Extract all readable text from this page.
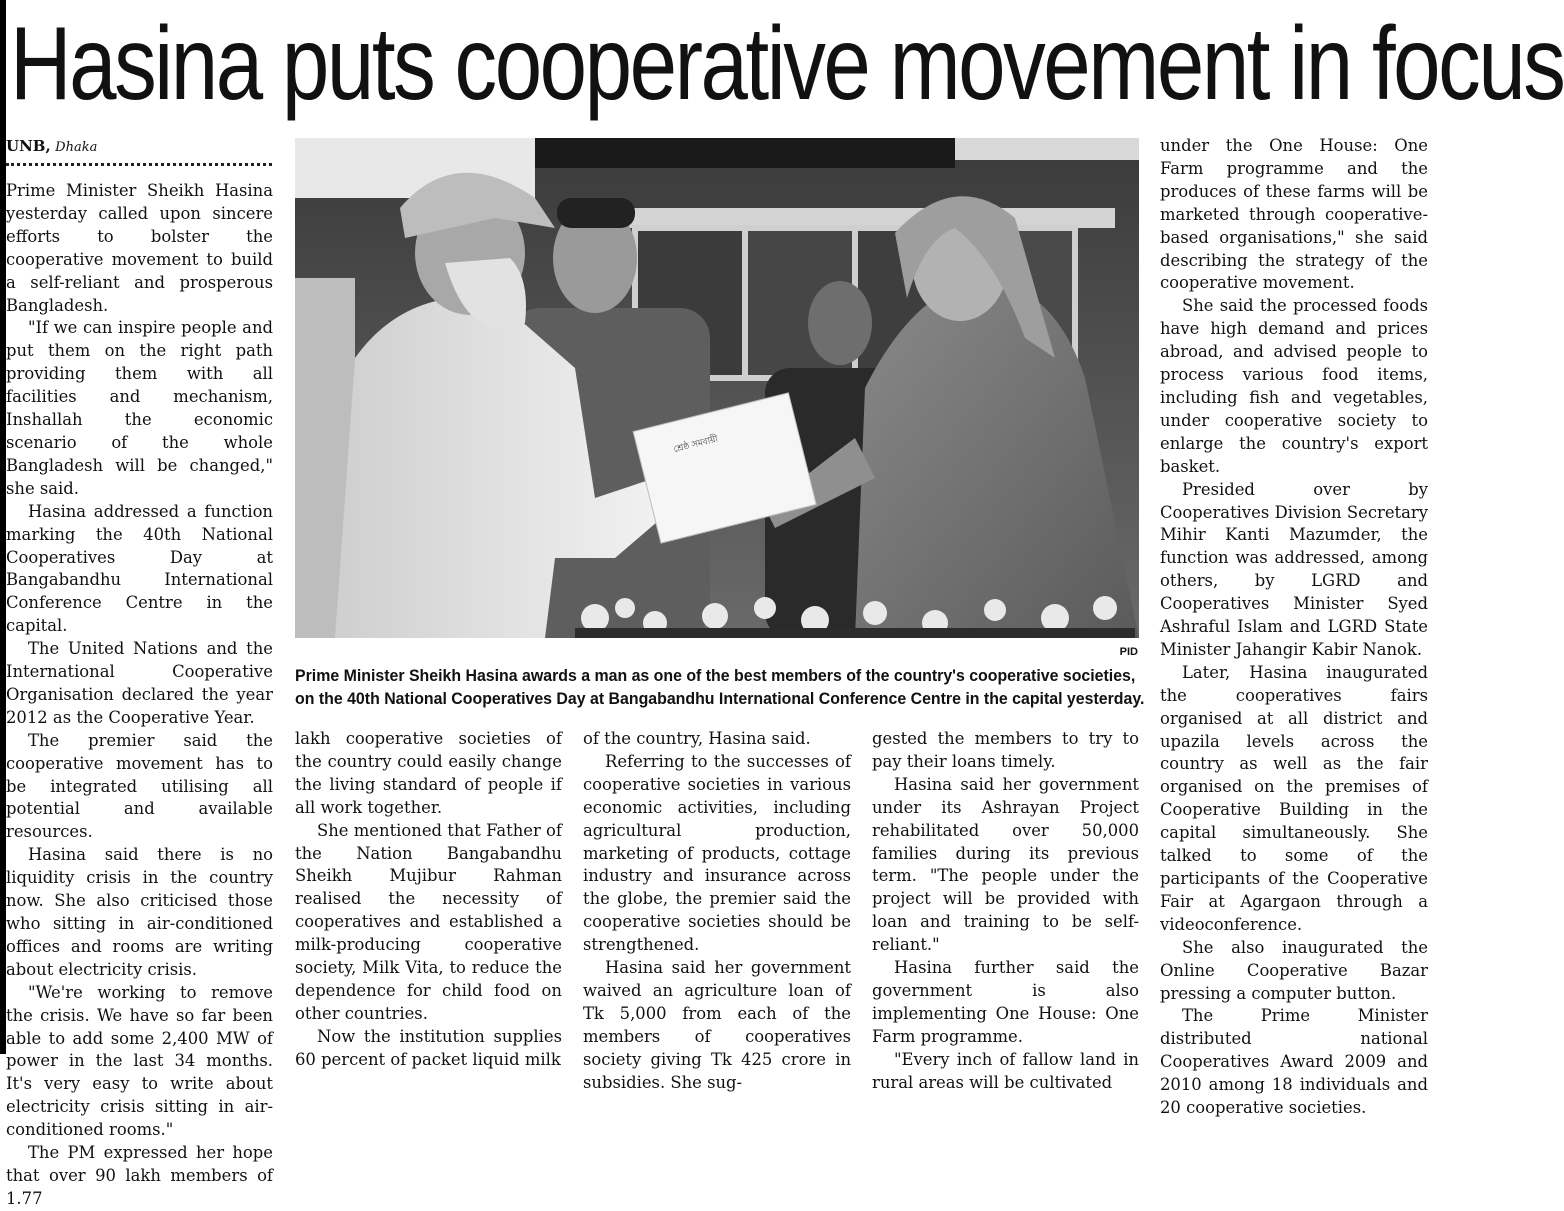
Hasina puts cooperative movement in focus
UNB, Dhaka

Prime Minister Sheikh Hasina yesterday called upon sincere efforts to bolster the cooperative movement to build a self-reliant and prosperous Bangladesh.

"If we can inspire people and put them on the right path providing them with all facilities and mechanism, Inshallah the economic scenario of the whole Bangladesh will be changed," she said.

Hasina addressed a function marking the 40th National Cooperatives Day at Bangabandhu International Conference Centre in the capital.

The United Nations and the International Cooperative Organisation declared the year 2012 as the Cooperative Year.

The premier said the cooperative movement has to be integrated utilising all potential and available resources.

Hasina said there is no liquidity crisis in the country now. She also criticised those who sitting in air-conditioned offices and rooms are writing about electricity crisis.

"We're working to remove the crisis. We have so far been able to add some 2,400 MW of power in the last 34 months. It's very easy to write about electricity crisis sitting in air-conditioned rooms."

The PM expressed her hope that over 90 lakh members of 1.77

শ্রেষ্ঠ সমবায়ী
PID
Prime Minister Sheikh Hasina awards a man as one of the best members of the country's cooperative societies,
on the 40th National Cooperatives Day at Bangabandhu International Conference Centre in the capital yesterday.

lakh cooperative societies of the country could easily change the living standard of people if all work together.

She mentioned that Father of the Nation Bangabandhu Sheikh Mujibur Rahman realised the necessity of cooperatives and established a milk-producing cooperative society, Milk Vita, to reduce the dependence for child food on other countries.

Now the institution supplies 60 percent of packet liquid milk

of the country, Hasina said.

Referring to the successes of cooperative societies in various economic activities, including agricultural production, marketing of products, cottage industry and insurance across the globe, the premier said the cooperative societies should be strengthened.

Hasina said her government waived an agriculture loan of Tk 5,000 from each of the members of cooperatives society giving Tk 425 crore in subsidies. She sug-

gested the members to try to pay their loans timely.

Hasina said her government under its Ashrayan Project rehabilitated over 50,000 families during its previous term. "The people under the project will be provided with loan and training to be self-reliant."

Hasina further said the government is also implementing One House: One Farm programme.

"Every inch of fallow land in rural areas will be cultivated

under the One House: One Farm programme and the produces of these farms will be marketed through cooperative-based organisations," she said describing the strategy of the cooperative movement.

She said the processed foods have high demand and prices abroad, and advised people to process various food items, including fish and vegetables, under cooperative society to enlarge the country's export basket.

Presided over by Cooperatives Division Secretary Mihir Kanti Mazumder, the function was addressed, among others, by LGRD and Cooperatives Minister Syed Ashraful Islam and LGRD State Minister Jahangir Kabir Nanok.

Later, Hasina inaugurated the cooperatives fairs organised at all district and upazila levels across the country as well as the fair organised on the premises of Cooperative Building in the capital simultaneously. She talked to some of the participants of the Cooperative Fair at Agargaon through a videoconference.

She also inaugurated the Online Cooperative Bazar pressing a computer button.

The Prime Minister distributed national Cooperatives Award 2009 and 2010 among 18 individuals and 20 cooperative societies.
